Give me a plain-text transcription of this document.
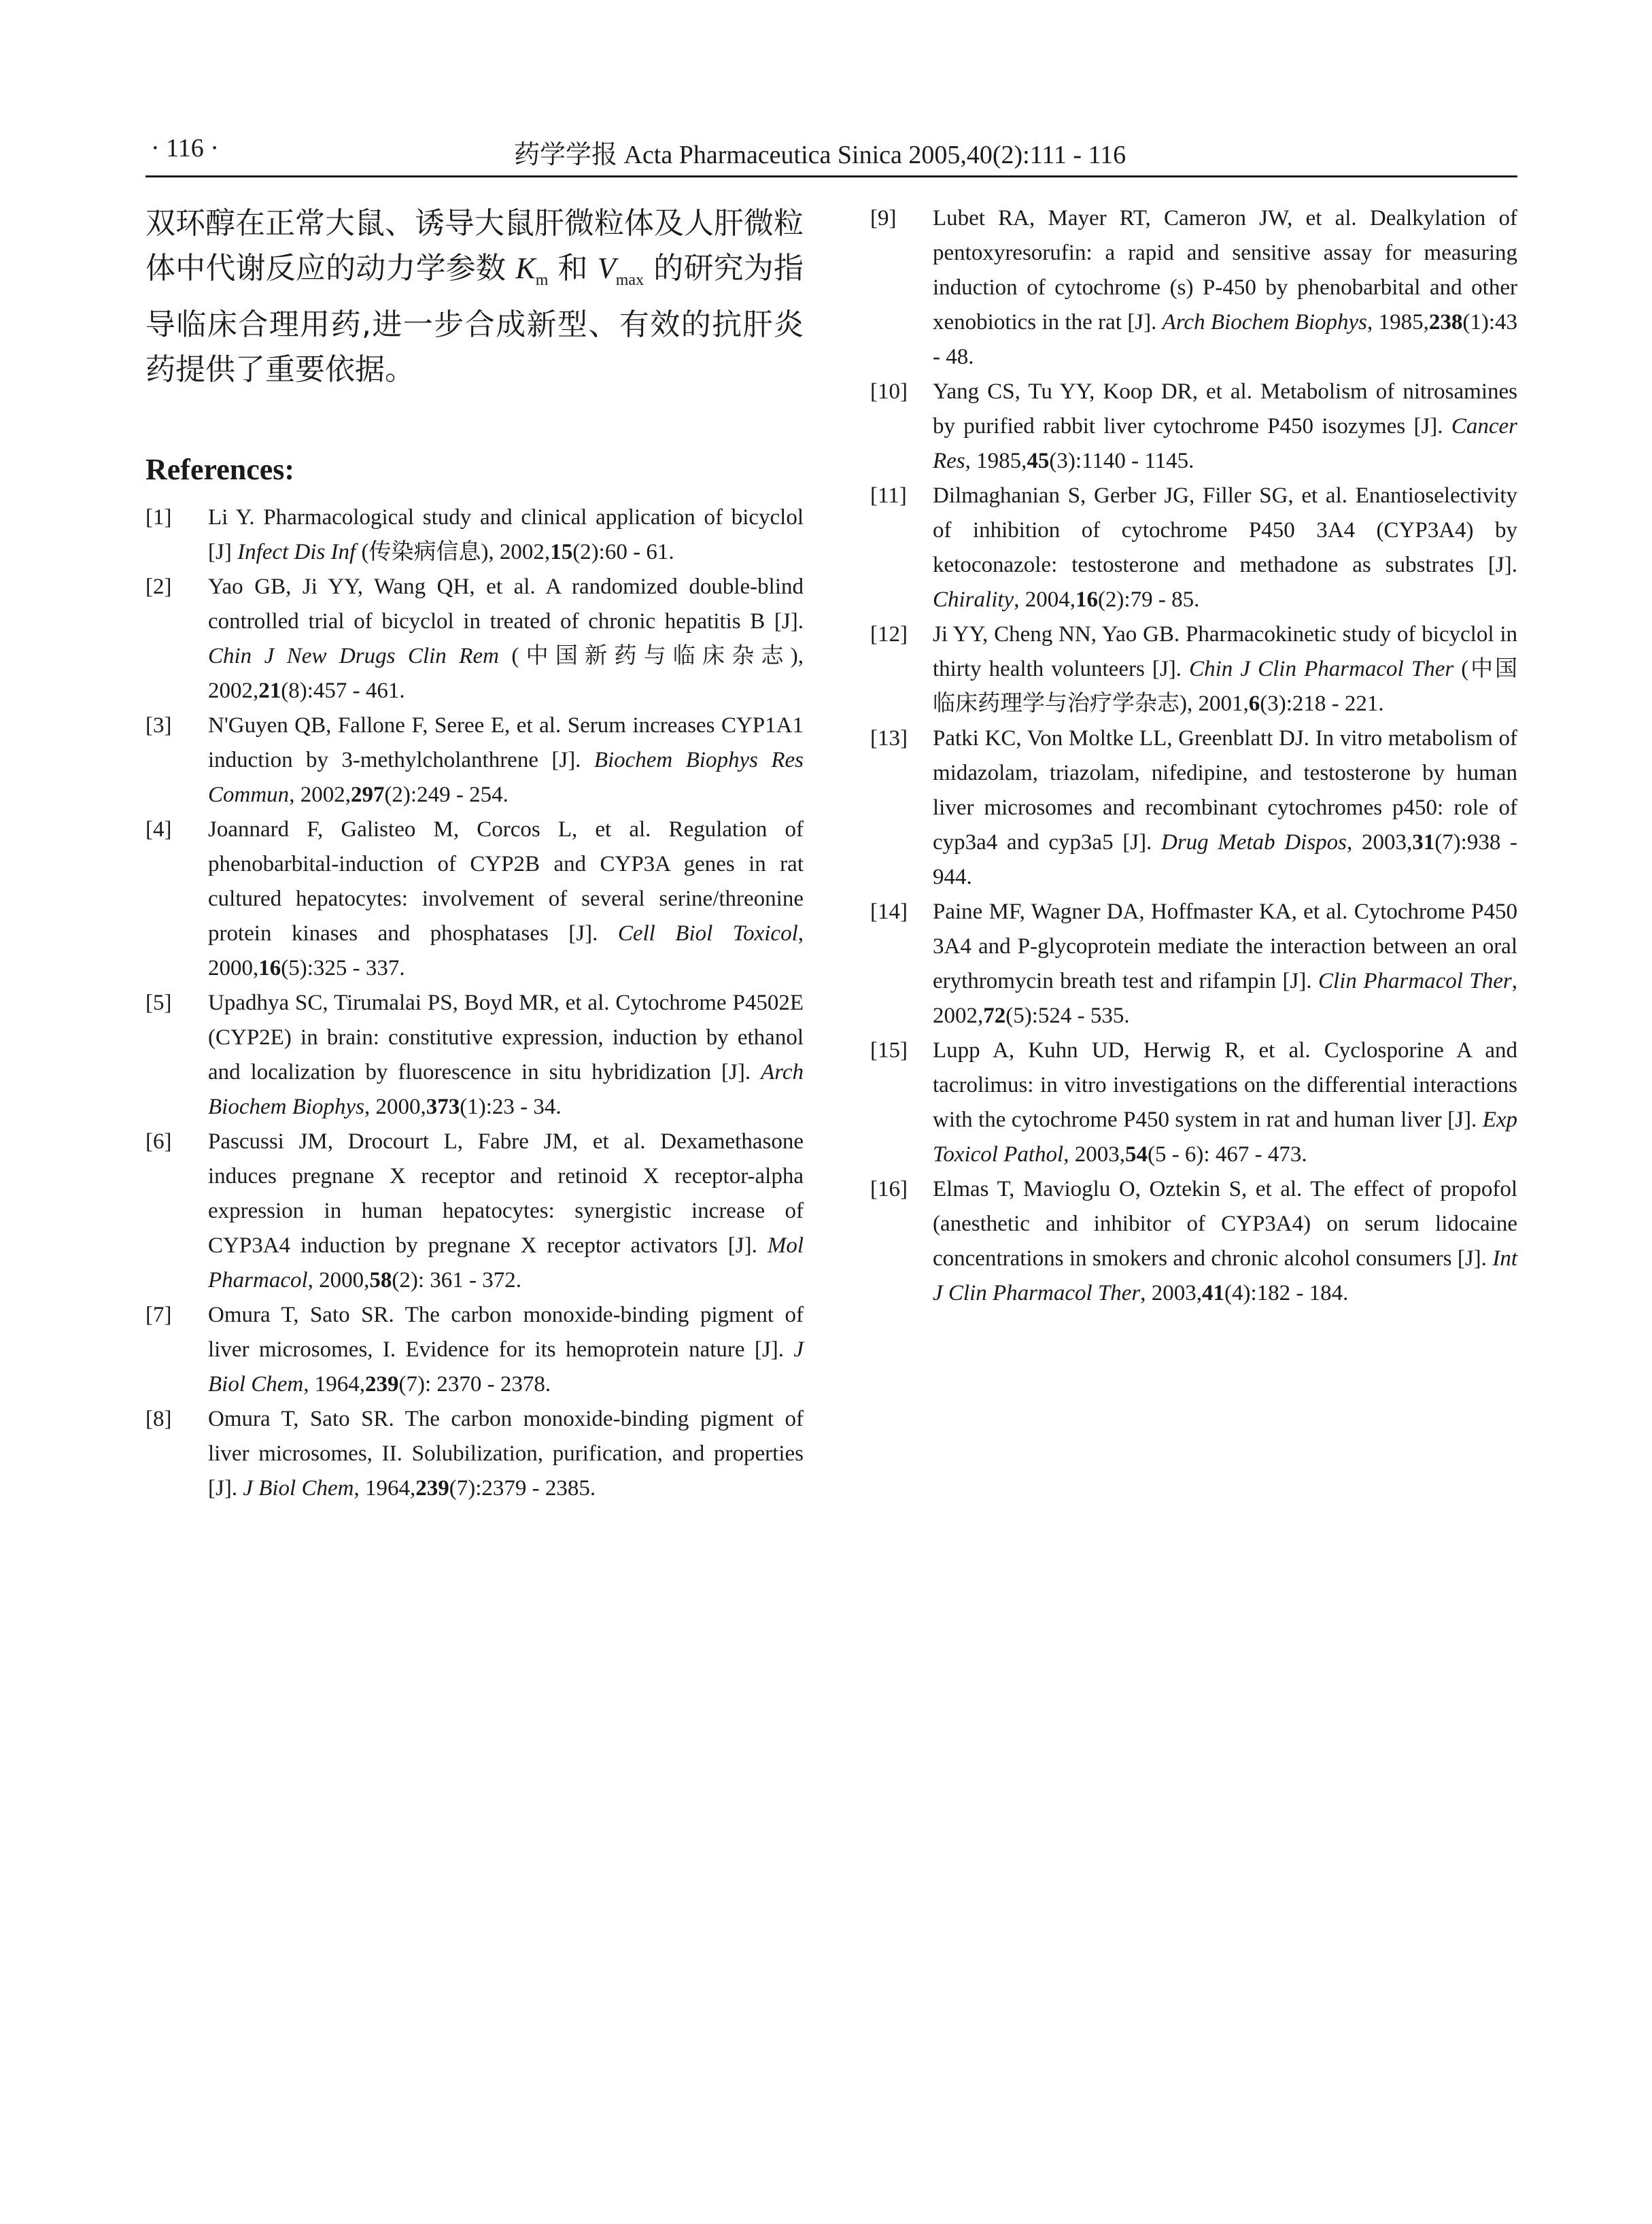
· 116 ·	药学学报 Acta Pharmaceutica Sinica 2005,40(2):111 - 116

双环醇在正常大鼠、诱导大鼠肝微粒体及人肝微粒体中代谢反应的动力学参数 $K_m$ 和 $V_{max}$ 的研究为指导临床合理用药,进一步合成新型、有效的抗肝炎药提供了重要依据。

References:

[1]	Li Y. Pharmacological study and clinical application of bicyclol [J] Infect Dis Inf (传染病信息), 2002,15(2):60 - 61.

[2]	Yao GB, Ji YY, Wang QH, et al. A randomized double-blind controlled trial of bicyclol in treated of chronic hepatitis B [J]. Chin J New Drugs Clin Rem (中国新药与临床杂志), 2002,21(8):457 - 461.

[3]	N'Guyen QB, Fallone F, Seree E, et al. Serum increases CYP1A1 induction by 3-methylcholanthrene [J]. Biochem Biophys Res Commun, 2002,297(2):249 - 254.

[4]	Joannard F, Galisteo M, Corcos L, et al. Regulation of phenobarbital-induction of CYP2B and CYP3A genes in rat cultured hepatocytes: involvement of several serine/threonine protein kinases and phosphatases [J]. Cell Biol Toxicol, 2000,16(5):325 - 337.

[5]	Upadhya SC, Tirumalai PS, Boyd MR, et al. Cytochrome P4502E (CYP2E) in brain: constitutive expression, induction by ethanol and localization by fluorescence in situ hybridization [J]. Arch Biochem Biophys, 2000,373(1):23 - 34.

[6]	Pascussi JM, Drocourt L, Fabre JM, et al. Dexamethasone induces pregnane X receptor and retinoid X receptor-alpha expression in human hepatocytes: synergistic increase of CYP3A4 induction by pregnane X receptor activators [J]. Mol Pharmacol, 2000,58(2): 361 - 372.

[7]	Omura T, Sato SR. The carbon monoxide-binding pigment of liver microsomes, I. Evidence for its hemoprotein nature [J]. J Biol Chem, 1964,239(7): 2370 - 2378.

[8]	Omura T, Sato SR. The carbon monoxide-binding pigment of liver microsomes, II. Solubilization, purification, and properties [J]. J Biol Chem, 1964,239(7):2379 - 2385.

[9]	Lubet RA, Mayer RT, Cameron JW, et al. Dealkylation of pentoxyresorufin: a rapid and sensitive assay for measuring induction of cytochrome (s) P-450 by phenobarbital and other xenobiotics in the rat [J]. Arch Biochem Biophys, 1985,238(1):43 - 48.

[10]	Yang CS, Tu YY, Koop DR, et al. Metabolism of nitrosamines by purified rabbit liver cytochrome P450 isozymes [J]. Cancer Res, 1985,45(3):1140 - 1145.

[11]	Dilmaghanian S, Gerber JG, Filler SG, et al. Enantioselectivity of inhibition of cytochrome P450 3A4 (CYP3A4) by ketoconazole: testosterone and methadone as substrates [J]. Chirality, 2004,16(2):79 - 85.

[12]	Ji YY, Cheng NN, Yao GB. Pharmacokinetic study of bicyclol in thirty health volunteers [J]. Chin J Clin Pharmacol Ther (中国临床药理学与治疗学杂志), 2001,6(3):218 - 221.

[13]	Patki KC, Von Moltke LL, Greenblatt DJ. In vitro metabolism of midazolam, triazolam, nifedipine, and testosterone by human liver microsomes and recombinant cytochromes p450: role of cyp3a4 and cyp3a5 [J]. Drug Metab Dispos, 2003,31(7):938 - 944.

[14]	Paine MF, Wagner DA, Hoffmaster KA, et al. Cytochrome P450 3A4 and P-glycoprotein mediate the interaction between an oral erythromycin breath test and rifampin [J]. Clin Pharmacol Ther, 2002,72(5):524 - 535.

[15]	Lupp A, Kuhn UD, Herwig R, et al. Cyclosporine A and tacrolimus: in vitro investigations on the differential interactions with the cytochrome P450 system in rat and human liver [J]. Exp Toxicol Pathol, 2003,54(5 - 6): 467 - 473.

[16]	Elmas T, Mavioglu O, Oztekin S, et al. The effect of propofol (anesthetic and inhibitor of CYP3A4) on serum lidocaine concentrations in smokers and chronic alcohol consumers [J]. Int J Clin Pharmacol Ther, 2003,41(4):182 - 184.
